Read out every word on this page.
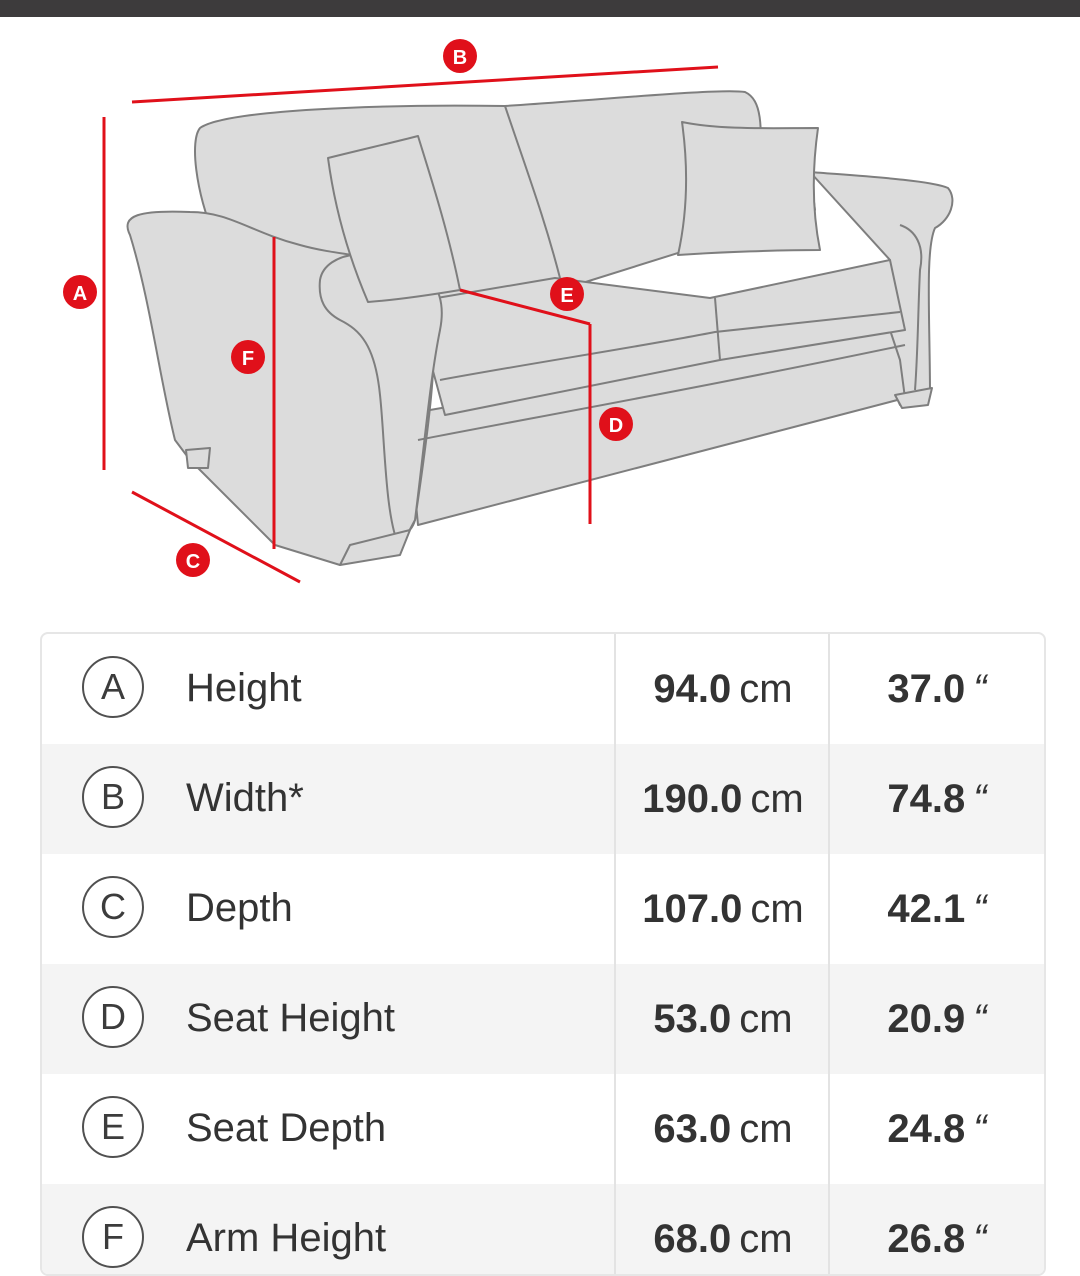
B
A	E
F
D
C
A	Height	94.0 cm 37.0 “
B	Width*	190.0 cm 74.8 “
C	Depth	107.0 cm 42.1 “
D	Seat Height	53.0 cm 20.9 “
E	Seat Depth	63.0 cm 24.8 “
F	Arm Height	68.0 cm 26.8 “
